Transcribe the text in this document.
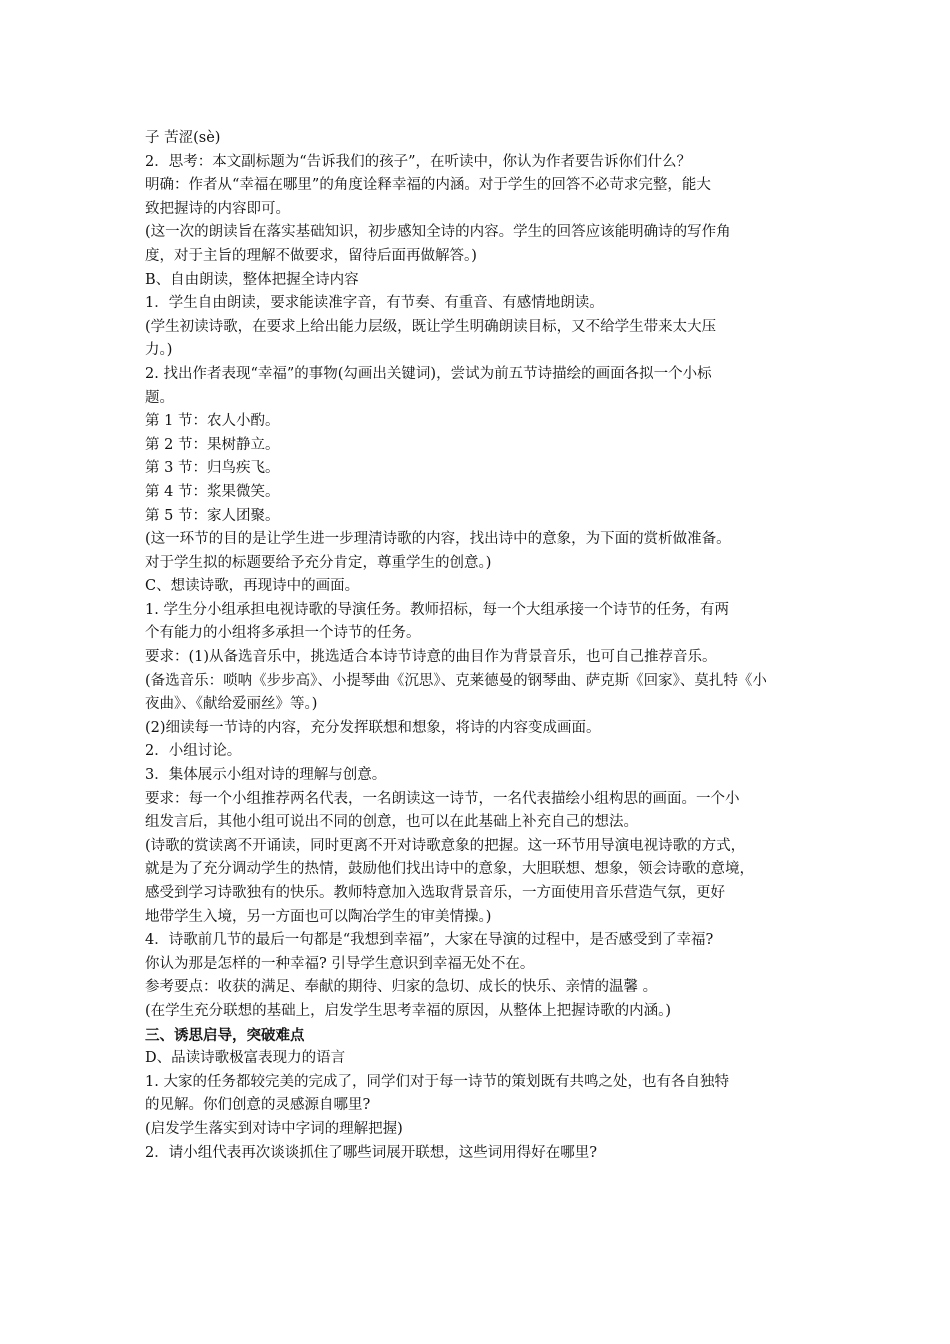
子 苦涩(sè)

2．思考：本文副标题为“告诉我们的孩子”，在听读中，你认为作者要告诉你们什么？

明确：作者从“幸福在哪里”的角度诠释幸福的内涵。对于学生的回答不必苛求完整，能大

致把握诗的内容即可。

(这一次的朗读旨在落实基础知识，初步感知全诗的内容。学生的回答应该能明确诗的写作角

度，对于主旨的理解不做要求，留待后面再做解答。)

B、自由朗读，整体把握全诗内容

1．学生自由朗读，要求能读准字音，有节奏、有重音、有感情地朗读。

(学生初读诗歌，在要求上给出能力层级，既让学生明确朗读目标，又不给学生带来太大压

力。)

2. 找出作者表现“幸福”的事物(勾画出关键词)，尝试为前五节诗描绘的画面各拟一个小标

题。

第 1 节：农人小酌。

第 2 节：果树静立。

第 3 节：归鸟疾飞。

第 4 节：浆果微笑。

第 5 节：家人团聚。

(这一环节的目的是让学生进一步理清诗歌的内容，找出诗中的意象，为下面的赏析做准备。

对于学生拟的标题要给予充分肯定，尊重学生的创意。)

C、想读诗歌，再现诗中的画面。

1. 学生分小组承担电视诗歌的导演任务。教师招标，每一个大组承接一个诗节的任务，有两

个有能力的小组将多承担一个诗节的任务。

要求：(1)从备选音乐中，挑选适合本诗节诗意的曲目作为背景音乐，也可自己推荐音乐。

(备选音乐：唢呐《步步高》、小提琴曲《沉思》、克莱德曼的钢琴曲、萨克斯《回家》、莫扎特《小

夜曲》、《献给爱丽丝》等。)

(2)细读每一节诗的内容，充分发挥联想和想象，将诗的内容变成画面。

2．小组讨论。

3．集体展示小组对诗的理解与创意。

要求：每一个小组推荐两名代表，一名朗读这一诗节，一名代表描绘小组构思的画面。一个小

组发言后，其他小组可说出不同的创意，也可以在此基础上补充自己的想法。

(诗歌的赏读离不开诵读，同时更离不开对诗歌意象的把握。这一环节用导演电视诗歌的方式，

就是为了充分调动学生的热情，鼓励他们找出诗中的意象，大胆联想、想象，领会诗歌的意境，

感受到学习诗歌独有的快乐。教师特意加入选取背景音乐，一方面使用音乐营造气氛，更好

地带学生入境，另一方面也可以陶冶学生的审美情操。)

4．诗歌前几节的最后一句都是“我想到幸福”，大家在导演的过程中，是否感受到了幸福?

你认为那是怎样的一种幸福? 引导学生意识到幸福无处不在。

参考要点：收获的满足、奉献的期待、归家的急切、成长的快乐、亲情的温馨 。

(在学生充分联想的基础上，启发学生思考幸福的原因，从整体上把握诗歌的内涵。)

三、诱思启导，突破难点

D、品读诗歌极富表现力的语言

1. 大家的任务都较完美的完成了，同学们对于每一诗节的策划既有共鸣之处，也有各自独特

的见解。你们创意的灵感源自哪里?

(启发学生落实到对诗中字词的理解把握)

2．请小组代表再次谈谈抓住了哪些词展开联想，这些词用得好在哪里?
